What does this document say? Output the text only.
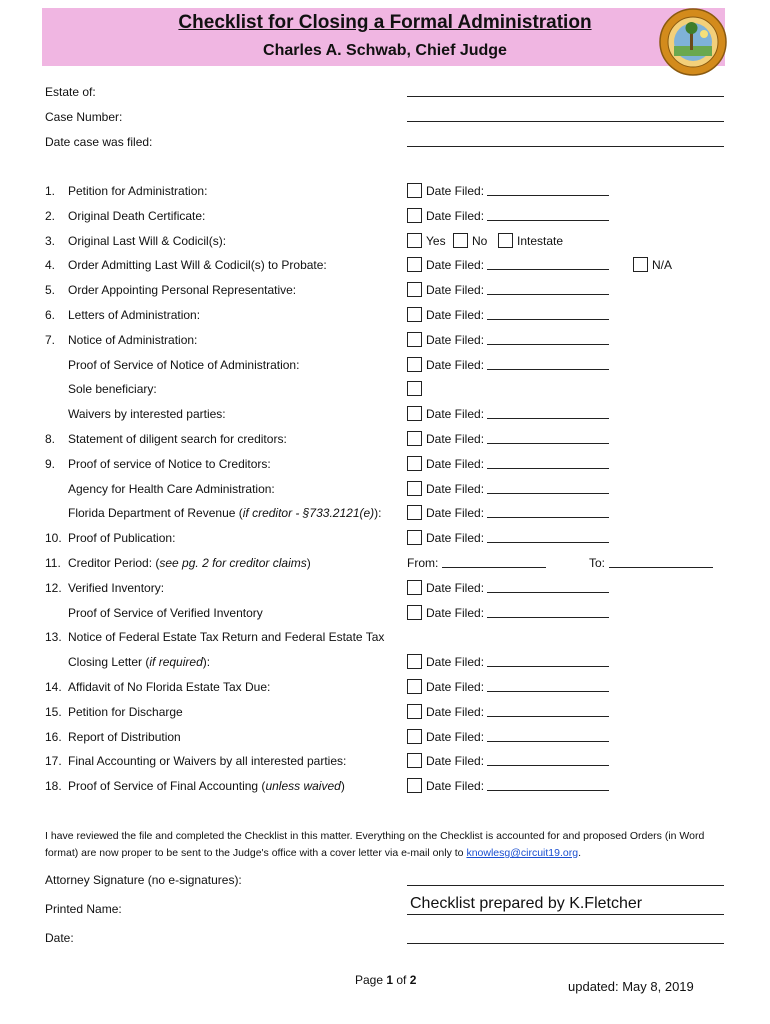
Checklist for Closing a Formal Administration
Charles A. Schwab, Chief Judge
Estate of:
Case Number:
Date case was filed:
1. Petition for Administration:	Date Filed:
2. Original Death Certificate:	Date Filed:
3. Original Last Will & Codicil(s):	Yes No Intestate
4. Order Admitting Last Will & Codicil(s) to Probate:	Date Filed:	N/A
5. Order Appointing Personal Representative:	Date Filed:
6. Letters of Administration:	Date Filed:
7. Notice of Administration:	Date Filed:
Proof of Service of Notice of Administration:	Date Filed:
Sole beneficiary:
Waivers by interested parties:	Date Filed:
8. Statement of diligent search for creditors:	Date Filed:
9. Proof of service of Notice to Creditors:	Date Filed:
Agency for Health Care Administration:	Date Filed:
Florida Department of Revenue (if creditor - §733.2121(e)):	Date Filed:
10. Proof of Publication:	Date Filed:
11. Creditor Period: (see pg. 2 for creditor claims)	From:	To:
12. Verified Inventory:	Date Filed:
Proof of Service of Verified Inventory	Date Filed:
13. Notice of Federal Estate Tax Return and Federal Estate Tax
Closing Letter (if required):	Date Filed:
14. Affidavit of No Florida Estate Tax Due:	Date Filed:
15. Petition for Discharge	Date Filed:
16. Report of Distribution	Date Filed:
17. Final Accounting or Waivers by all interested parties:	Date Filed:
18. Proof of Service of Final Accounting (unless waived)	Date Filed:
I have reviewed the file and completed the Checklist in this matter. Everything on the Checklist is accounted for and proposed Orders (in Word format) are now proper to be sent to the Judge's office with a cover letter via e-mail only to knowlesg@circuit19.org.
Attorney Signature (no e-signatures):
Printed Name:	Checklist prepared by K.Fletcher
Date:
Page 1 of 2	updated: May 8, 2019
